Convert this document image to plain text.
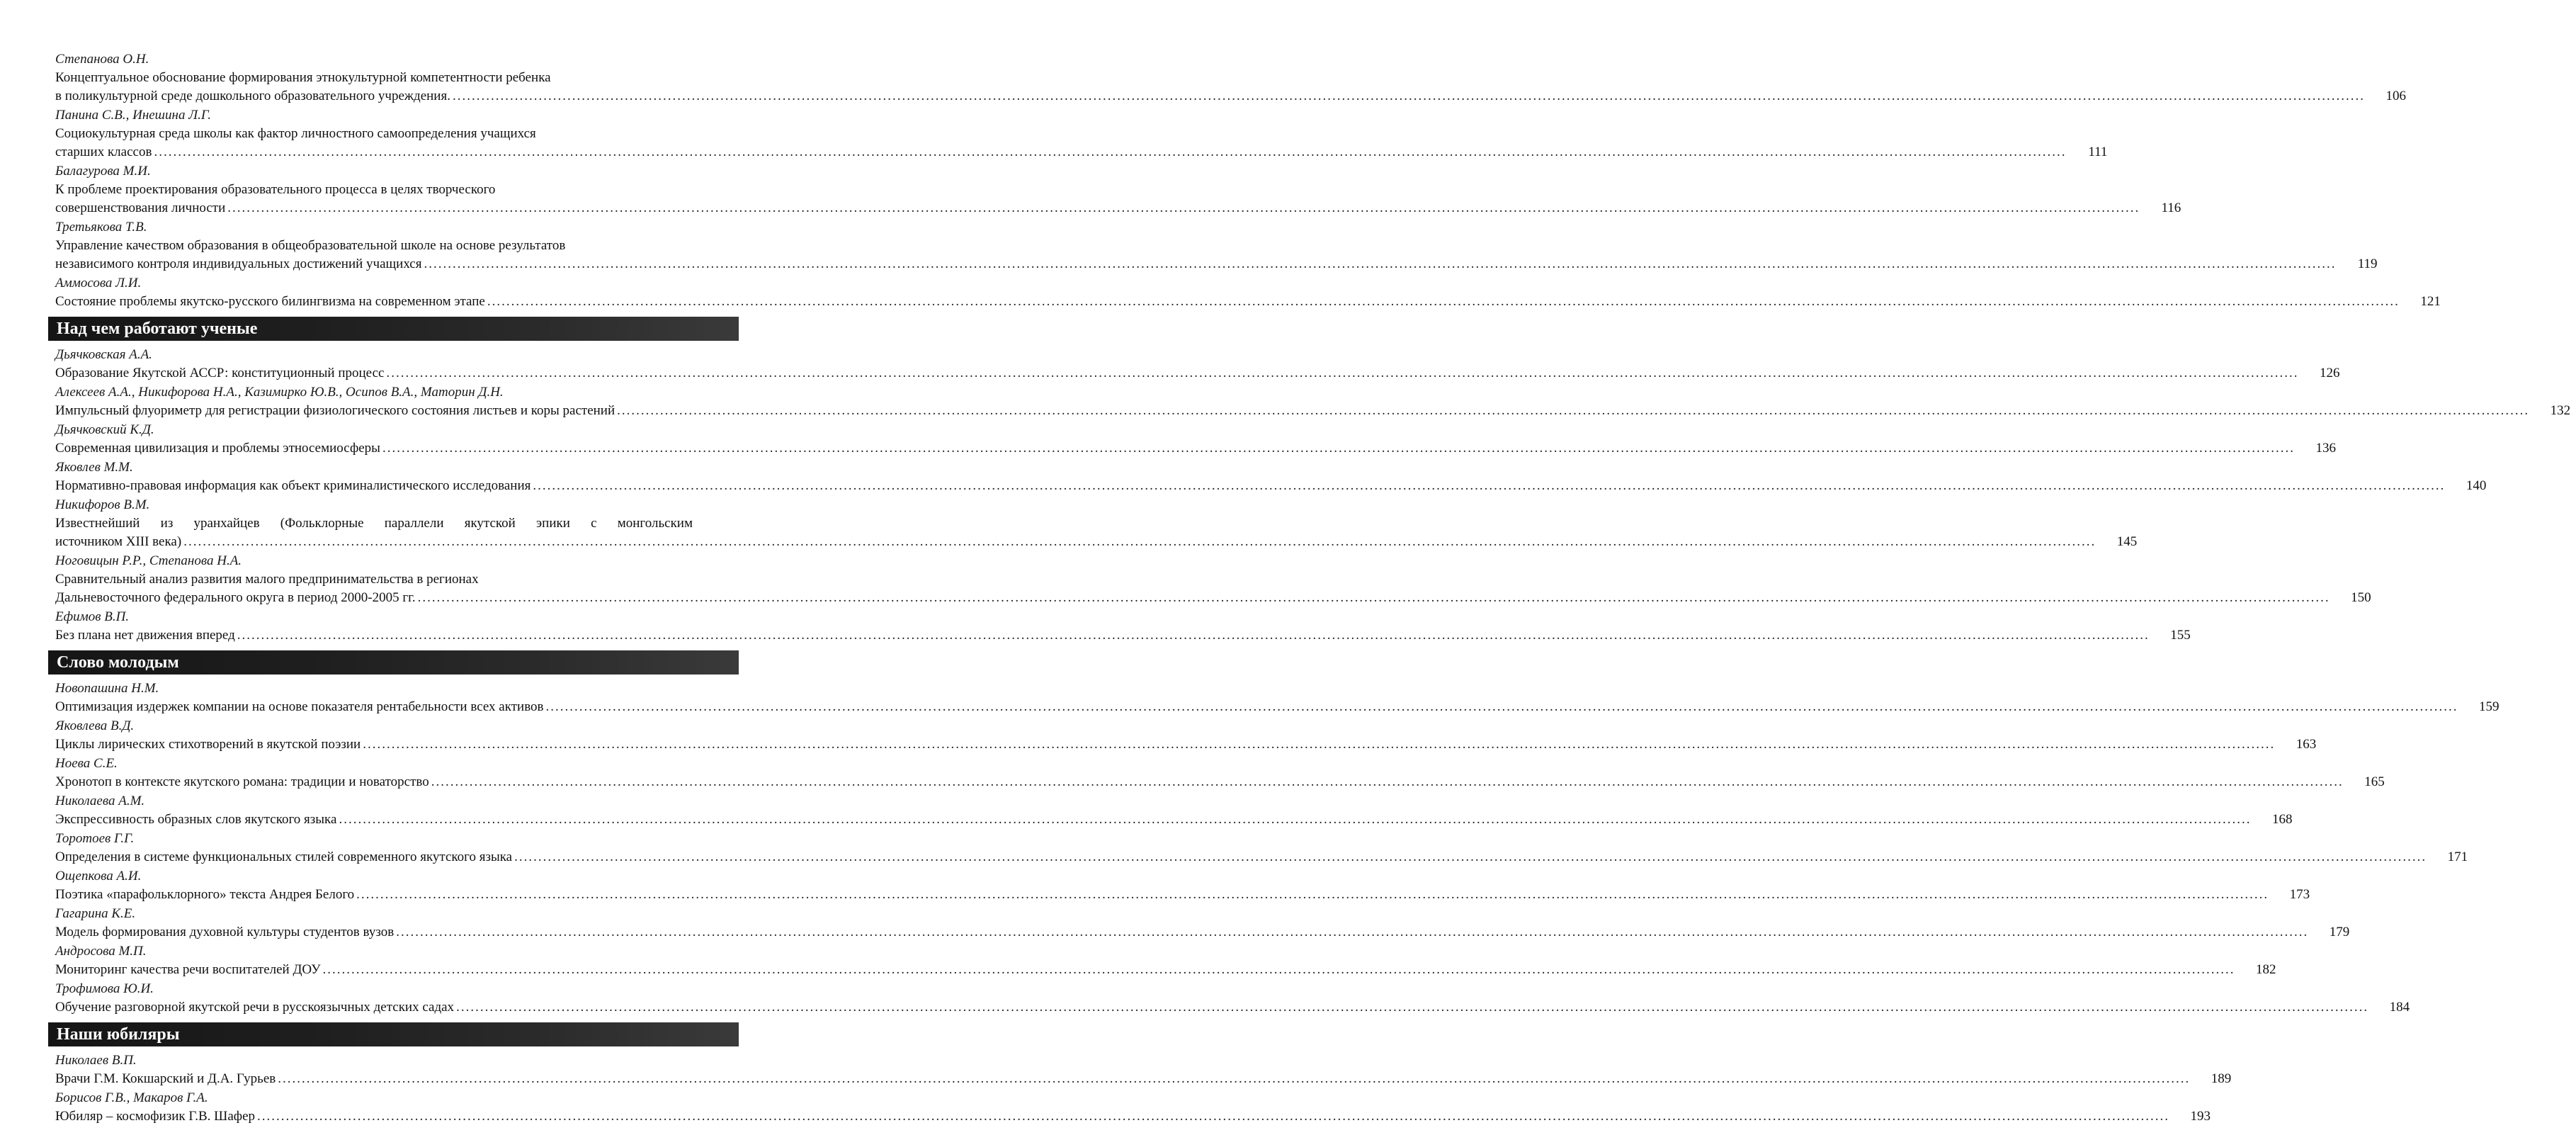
Степанова О.Н.
Концептуальное обоснование формирования этнокультурной компетентности ребенка
в поликультурной среде дошкольного образовательного учреждения. ................................................................................................................................................................................................................................................................................................................................................................................................................	106
Панина С.В., Инешина Л.Г.
Социокультурная среда школы как фактор личностного самоопределения учащихся
старших классов ................................................................................................................................................................................................................................................................................................................................................................................................................	111
Балагурова М.И.
К проблеме проектирования образовательного процесса в целях творческого
совершенствования личности ................................................................................................................................................................................................................................................................................................................................................................................................................	116
Третьякова Т.В.
Управление качеством образования в общеобразовательной школе на основе результатов
независимого контроля индивидуальных достижений учащихся ................................................................................................................................................................................................................................................................................................................................................................................................................	119
Аммосова Л.И.
Состояние проблемы якутско-русского билингвизма на современном этапе ................................................................................................................................................................................................................................................................................................................................................................................................................	121
Над чем работают ученые
Дьячковская А.А.
Образование Якутской АССР: конституционный процесс ................................................................................................................................................................................................................................................................................................................................................................................................................	126
Алексеев А.А., Никифорова Н.А., Казимирко Ю.В., Осипов В.А., Маторин Д.Н.
Импульсный флуориметр для регистрации физиологического состояния листьев и коры растений ................................................................................................................................................................................................................................................................................................................................................................................................................	132
Дьячковский К.Д.
Современная цивилизация и проблемы этносемиосферы ................................................................................................................................................................................................................................................................................................................................................................................................................	136
Яковлев М.М.
Нормативно-правовая информация как объект криминалистического исследования ................................................................................................................................................................................................................................................................................................................................................................................................................	140
Никифоров В.М.
Известнейший из уранхайцев (Фольклорные параллели якутской эпики с монгольским
источником XIII века) ................................................................................................................................................................................................................................................................................................................................................................................................................	145
Ноговицын Р.Р., Степанова Н.А.
Сравнительный анализ развития малого предпринимательства в регионах
Дальневосточного федерального округа в период 2000-2005 гг. ................................................................................................................................................................................................................................................................................................................................................................................................................	150
Ефимов В.П.
Без плана нет движения вперед ................................................................................................................................................................................................................................................................................................................................................................................................................	155
Слово молодым
Новопашина Н.М.
Оптимизация издержек компании на основе показателя рентабельности всех активов ................................................................................................................................................................................................................................................................................................................................................................................................................	159
Яковлева В.Д.
Циклы лирических стихотворений в якутской поэзии ................................................................................................................................................................................................................................................................................................................................................................................................................	163
Ноева С.Е.
Хронотоп в контексте якутского романа: традиции и новаторство ................................................................................................................................................................................................................................................................................................................................................................................................................	165
Николаева А.М.
Экспрессивность образных слов якутского языка ................................................................................................................................................................................................................................................................................................................................................................................................................	168
Торотоев Г.Г.
Определения в системе функциональных стилей современного якутского языка ................................................................................................................................................................................................................................................................................................................................................................................................................	171
Ощепкова А.И.
Поэтика «парафольклорного» текста Андрея Белого ................................................................................................................................................................................................................................................................................................................................................................................................................	173
Гагарина К.Е.
Модель формирования духовной культуры студентов вузов ................................................................................................................................................................................................................................................................................................................................................................................................................	179
Андросова М.П.
Мониторинг качества речи воспитателей ДОУ ................................................................................................................................................................................................................................................................................................................................................................................................................	182
Трофимова Ю.И.
Обучение разговорной якутской речи в русскоязычных детских садах ................................................................................................................................................................................................................................................................................................................................................................................................................	184
Наши юбиляры
Николаев В.П.
Врачи Г.М. Кокшарский и Д.А. Гурьев ................................................................................................................................................................................................................................................................................................................................................................................................................	189
Борисов Г.В., Макаров Г.А.
Юбиляр – космофизик Г.В. Шафер ................................................................................................................................................................................................................................................................................................................................................................................................................	193
